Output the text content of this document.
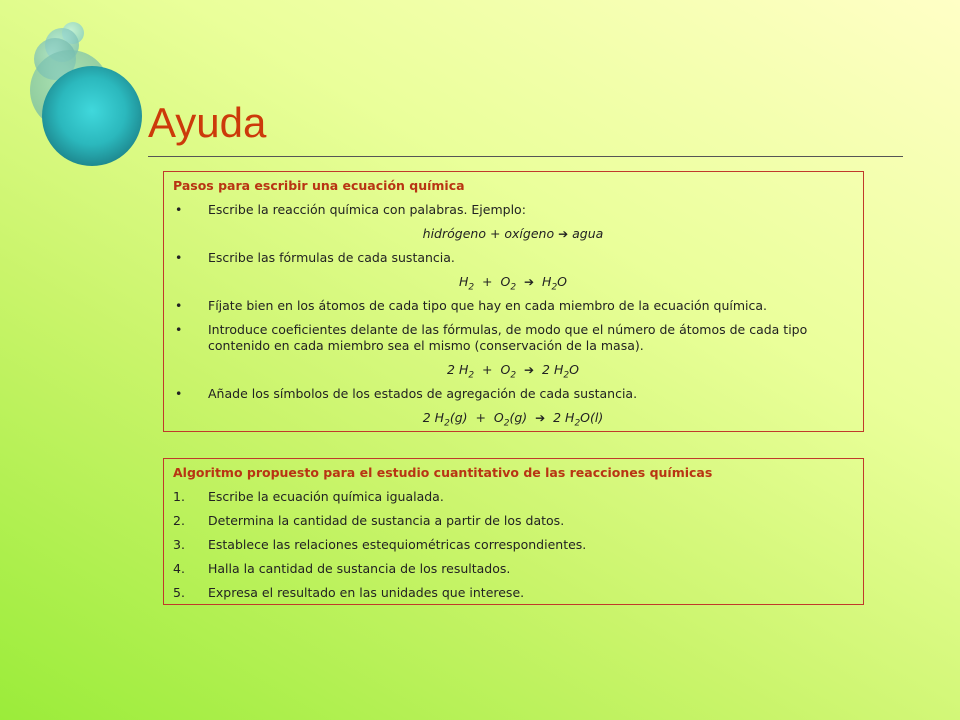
Ayuda
Pasos para escribir una ecuación química
• Escribe la reacción química con palabras. Ejemplo:
hidrógeno + oxígeno ➔ agua
• Escribe las fórmulas de cada sustancia.
$H_2 + O_2$ ➔  $H_2O$
• Fíjate bien en los átomos de cada tipo que hay en cada miembro de la ecuación química.
• Introduce coeficientes delante de las fórmulas, de modo que el número de átomos de cada tipo contenido en cada miembro sea el mismo (conservación de la masa).
2 $H_2 + O_2$ ➔  2 $H_2O$
• Añade los símbolos de los estados de agregación de cada sustancia.
2 $H_2(g) + O_2(g)$  ➔  2 $H_2O(l)$
Algoritmo propuesto para el estudio cuantitativo de las reacciones químicas
1. Escribe la ecuación química igualada.
2. Determina la cantidad de sustancia a partir de los datos.
3. Establece las relaciones estequiométricas correspondientes.
4. Halla la cantidad de sustancia de los resultados.
5. Expresa el resultado en las unidades que interese.
